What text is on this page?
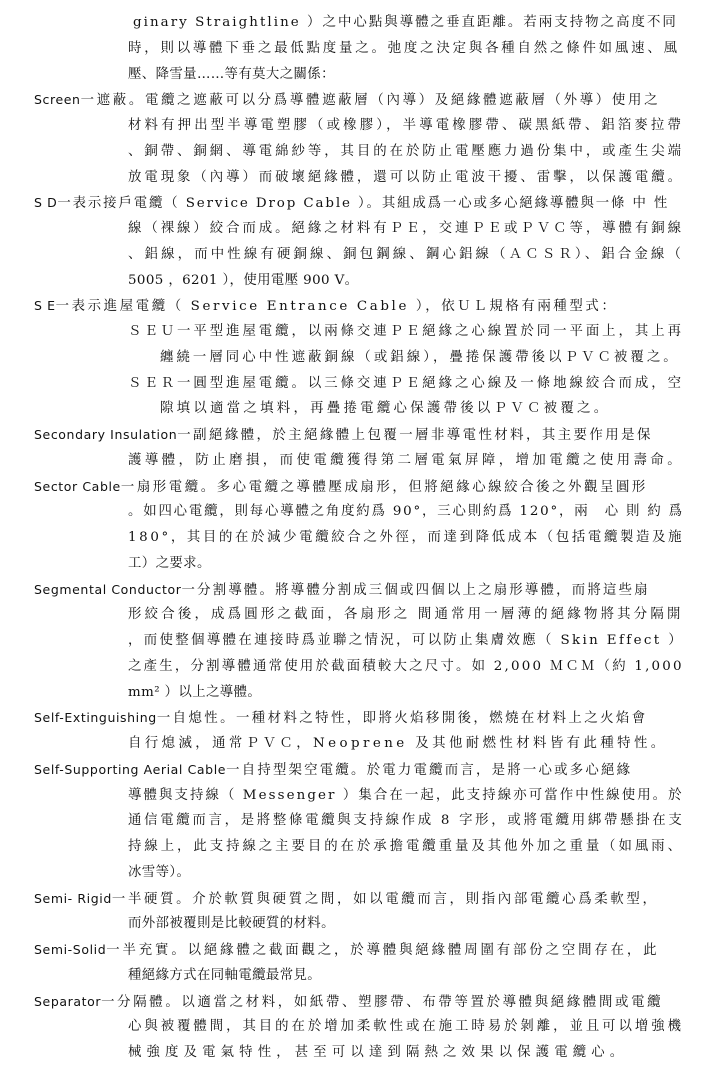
ginary Straightline ）之中心點與導體之垂直距離。若兩支持物之高度不同
時，則以導體下垂之最低點度量之。弛度之決定與各種自然之條件如風速、風
壓、降雪量……等有莫大之關係：
Screen一遮蔽。電纜之遮蔽可以分爲導體遮蔽層（內導）及絕緣體遮蔽層（外導）使用之
材料有押出型半導電塑膠（或橡膠），半導電橡膠帶、碳黑紙帶、鋁箔麥拉帶
、銅帶、銅網、導電綿紗等，其目的在於防止電壓應力過份集中，或產生尖端
放電現象（內導）而破壞絕緣體，還可以防止電波干擾、雷擊，以保護電纜。
S D一表示接戶電纜（ Service Drop Cable ）。其組成爲一心或多心絕緣導體與一條 中 性
線（裸線）絞合而成。絕緣之材料有ＰＥ，交連ＰＥ或ＰＶＣ等，導體有銅線
、鋁線，而中性線有硬銅線、銅包鋼線、鋼心鋁線（ＡＣＳＲ）、鋁合金線（
5005 ，6201 ），使用電壓 900 V。
S E一表示進屋電纜（ Service Entrance Cable ），依ＵＬ規格有兩種型式：
ＳＥＵ一平型進屋電纜，以兩條交連ＰＥ絕緣之心線置於同一平面上，其上再
纏繞一層同心中性遮蔽銅線（或鋁線），疊捲保護帶後以ＰＶＣ被覆之。
ＳＥＲ一圓型進屋電纜。以三條交連ＰＥ絕緣之心線及一條地線絞合而成，空
隙填以適當之填料，再疊捲電纜心保護帶後以ＰＶＣ被覆之。
Secondary Insulation一副絕緣體，於主絕緣體上包覆一層非導電性材料，其主要作用是保
護導體，防止磨損，而使電纜獲得第二層電氣屏障，增加電纜之使用壽命。
Sector Cable一扇形電纜。多心電纜之導體壓成扇形，但將絕緣心線絞合後之外觀呈圓形
。如四心電纜，則每心導體之角度約爲 90°，三心則約爲 120°，兩　心 則 約 爲
180°，其目的在於減少電纜絞合之外徑，而達到降低成本（包括電纜製造及施
工）之要求。
Segmental Conductor一分割導體。將導體分割成三個或四個以上之扇形導體，而將這些扇
形絞合後，成爲圓形之截面，各扇形之 間通常用一層薄的絕緣物將其分隔開
，而使整個導體在連接時爲並聯之情況，可以防止集膚效應（ Skin Effect ）
之產生，分割導體通常使用於截面積較大之尺寸。如 2,000 ＭＣＭ（約 1,000
mm² ）以上之導體。
Self-Extinguishing一自熄性。一種材料之特性，即將火焰移開後，燃燒在材料上之火焰會
自行熄滅，通常ＰＶＣ，Neoprene 及其他耐燃性材料皆有此種特性。
Self-Supporting Aerial Cable一自持型架空電纜。於電力電纜而言，是將一心或多心絕緣
導體與支持線（ Messenger ）集合在一起，此支持線亦可當作中性線使用。於
通信電纜而言，是將整條電纜與支持線作成 8 字形，或將電纜用綁帶懸掛在支
持線上，此支持線之主要目的在於承擔電纜重量及其他外加之重量（如風雨、
冰雪等）。
Semi- Rigid一半硬質。介於軟質與硬質之間，如以電纜而言，則指內部電纜心爲柔軟型，
而外部被覆則是比較硬質的材料。
Semi-Solid一半充實。以絕緣體之截面觀之，於導體與絕緣體周圍有部份之空間存在，此
種絕緣方式在同軸電纜最常見。
Separator一分隔體。以適當之材料，如紙帶、塑膠帶、布帶等置於導體與絕緣體間或電纜
心與被覆體間，其目的在於增加柔軟性或在施工時易於剝離，並且可以增強機
械強度及電氣特性，甚至可以達到隔熱之效果以保護電纜心。
